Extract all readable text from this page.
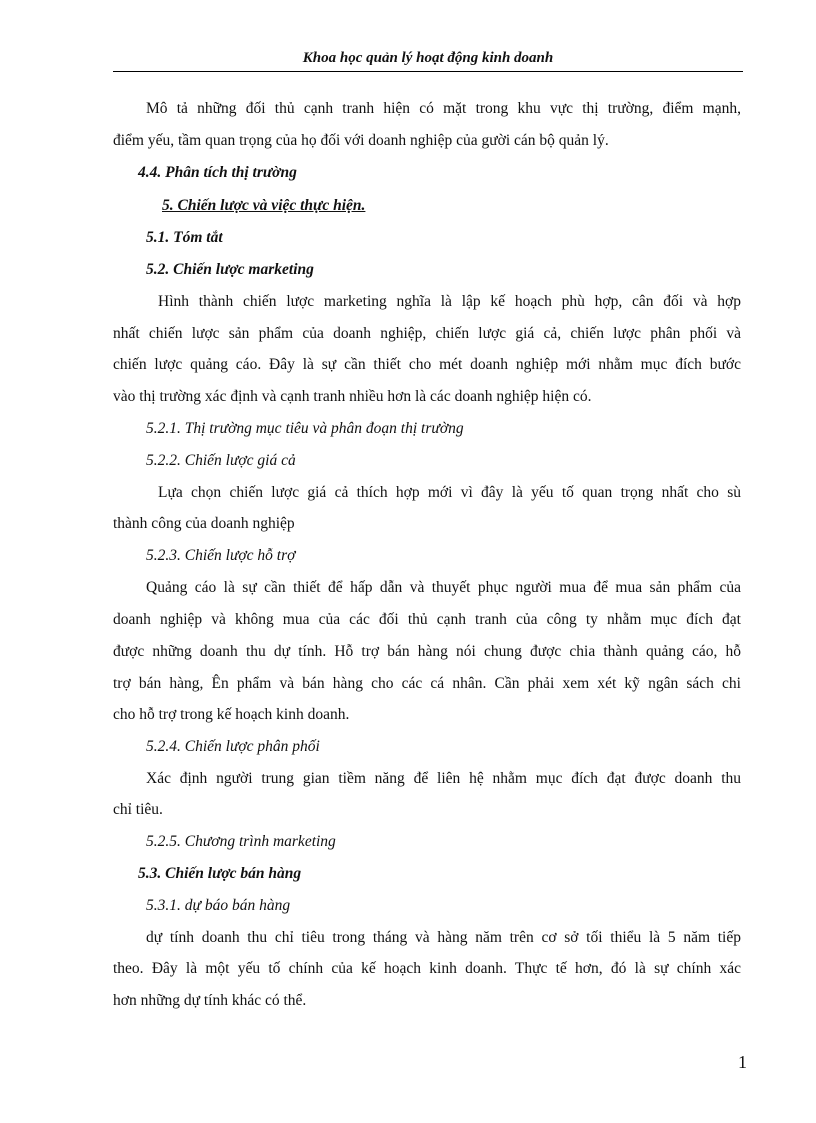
Khoa học quản lý hoạt động kinh doanh
Mô tả những đối thủ cạnh tranh hiện có mặt trong khu vực thị trường, điểm mạnh,
điểm yếu, tầm quan trọng của họ đối với doanh nghiệp của gười cán bộ quản lý.
4.4. Phân tích thị trường
5. Chiến lược và việc thực hiện.
5.1. Tóm tắt
5.2. Chiến lược marketing
Hình thành chiến lược marketing nghĩa là lập kế hoạch phù hợp, cân đối và hợp
nhất chiến lược sản phẩm của doanh nghiệp, chiến lược giá cả, chiến lược phân phối và
chiến lược quảng cáo. Đây là sự cần thiết cho mét doanh nghiệp mới nhằm mục đích bước
vào thị trường xác định và cạnh tranh nhiều hơn là các doanh nghiệp hiện có.
5.2.1. Thị trường mục tiêu và phân đoạn thị trường
5.2.2. Chiến lược giá cả
Lựa chọn chiến lược giá cả thích hợp mới vì đây là yếu tố quan trọng nhất cho sù
thành công của doanh nghiệp
5.2.3. Chiến lược hỗ trợ
Quảng cáo là sự cần thiết để hấp dẫn và thuyết phục người mua để mua sản phẩm của
doanh nghiệp và không mua của các đối thủ cạnh tranh của công ty nhằm mục đích đạt
được những doanh thu dự tính. Hỗ trợ bán hàng nói chung được chia thành quảng cáo, hỗ
trợ bán hàng, Ên phẩm và bán hàng cho các cá nhân. Cần phải xem xét kỹ ngân sách chi
cho hỗ trợ trong kế hoạch kinh doanh.
5.2.4. Chiến lược phân phối
Xác định người trung gian tiềm năng để liên hệ nhằm mục đích đạt được doanh thu
chỉ tiêu.
5.2.5. Chương trình marketing
5.3. Chiến lược bán hàng
5.3.1. dự báo bán hàng
dự tính doanh thu chỉ tiêu trong tháng và hàng năm trên cơ sở tối thiểu là 5 năm tiếp
theo. Đây là một yếu tố chính của kế hoạch kinh doanh. Thực tế hơn, đó là sự chính xác
hơn những dự tính khác có thể.
1
